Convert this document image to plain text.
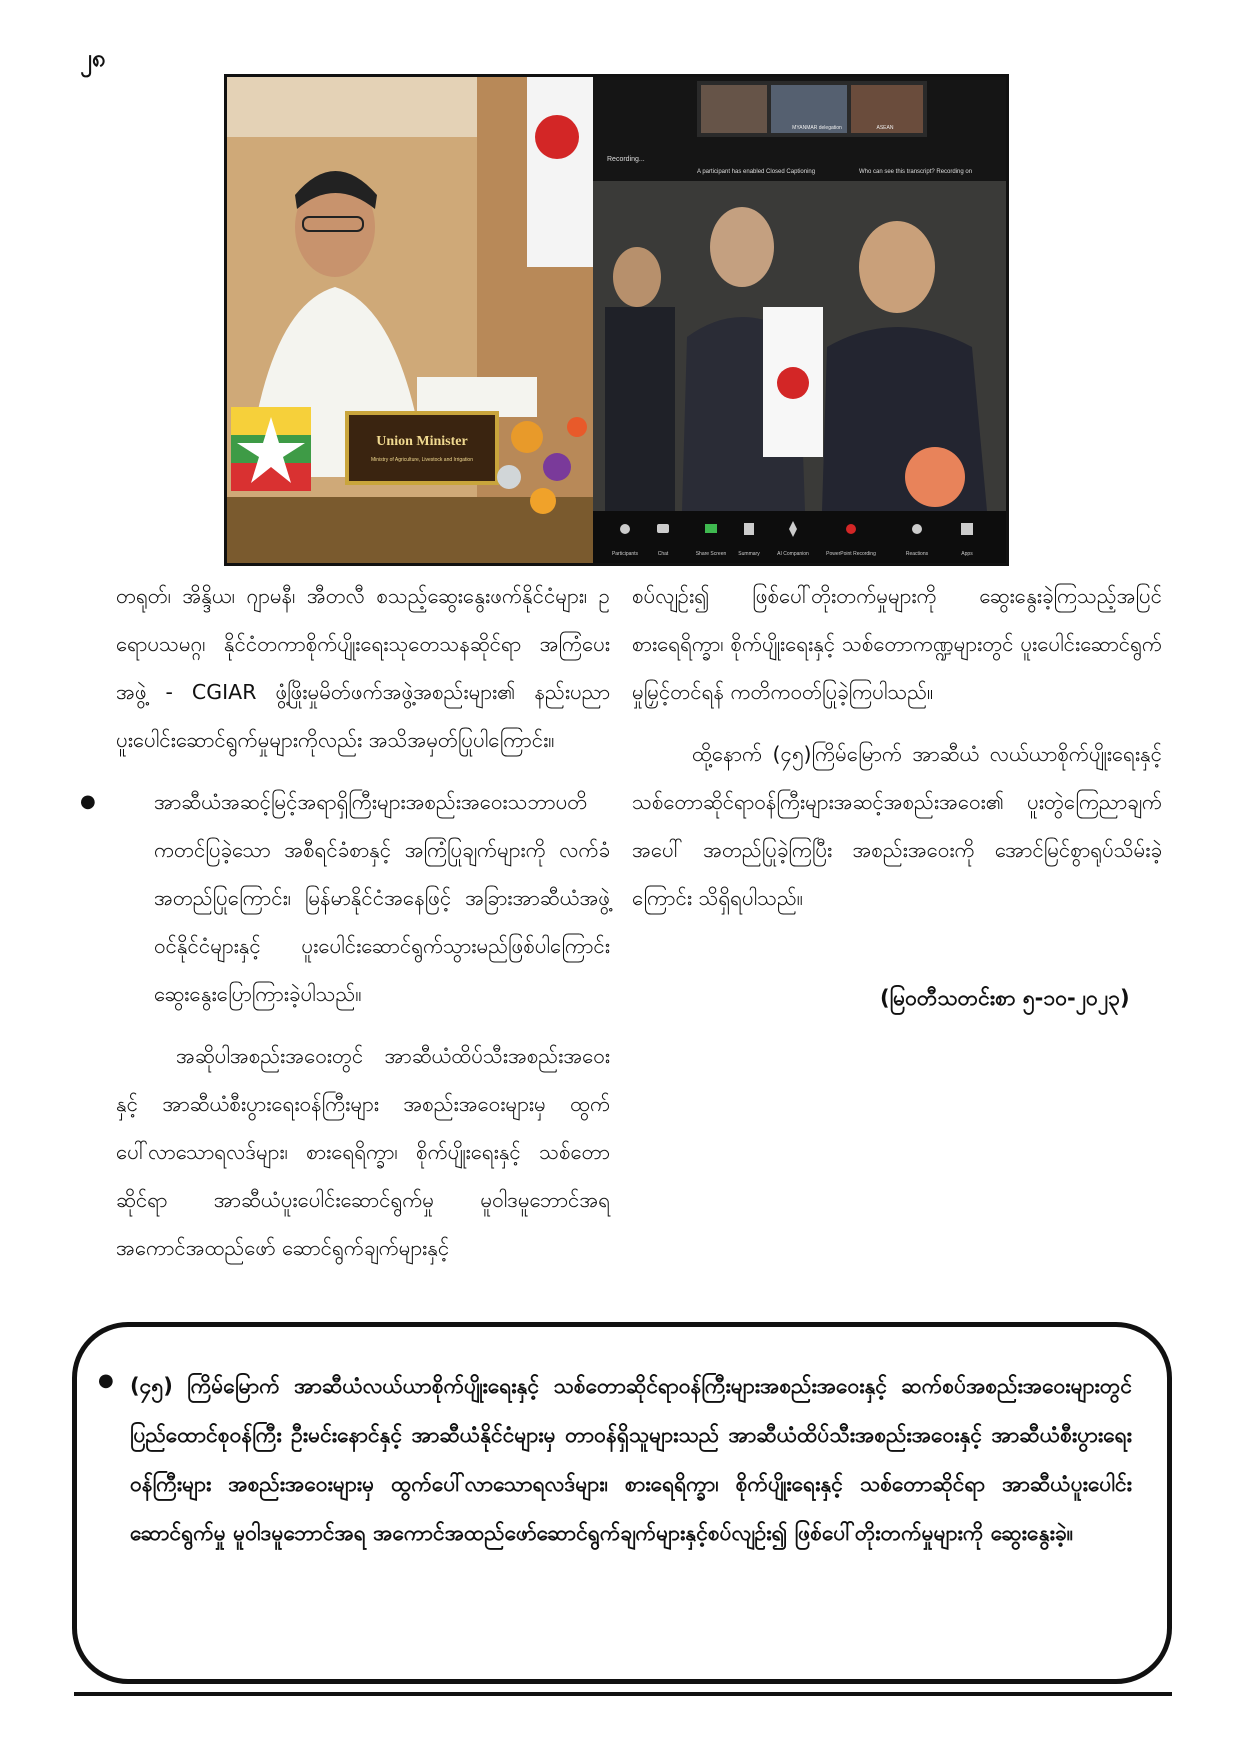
၂၈
Union Minister
Ministry of Agriculture, Livestock and Irrigation
MYANMAR delegation	ASEAN
Recording...
A participant has enabled Closed Captioning	Who can see this transcript? Recording on
Participants	Chat	Share Screen Summary	AI Companion	PowerPoint Recording	Reactions	Apps

တရုတ်၊ အိန္ဒိယ၊ ဂျာမနီ၊ အီတလီ စသည့်ဆွေးနွေးဖက်နိုင်ငံများ၊ ဥရောပသမဂ္ဂ၊ နိုင်ငံတကာစိုက်ပျိုးရေးသုတေသနဆိုင်ရာ အကြံပေးအဖွဲ့ - CGIAR ဖွံ့ဖြိုးမှုမိတ်ဖက်အဖွဲ့အစည်းများ၏ နည်းပညာပူးပေါင်းဆောင်ရွက်မှုများကိုလည်း အသိအမှတ်ပြုပါကြောင်း။

● အာဆီယံအဆင့်မြင့်အရာရှိကြီးများအစည်းအဝေးသဘာပတိကတင်ပြခဲ့သော အစီရင်ခံစာနှင့် အကြံပြုချက်များကို လက်ခံအတည်ပြုကြောင်း၊ မြန်မာနိုင်ငံအနေဖြင့် အခြားအာဆီယံအဖွဲ့ဝင်နိုင်ငံများနှင့် ပူးပေါင်းဆောင်ရွက်သွားမည်ဖြစ်ပါကြောင်း ဆွေးနွေးပြောကြားခဲ့ပါသည်။

အဆိုပါအစည်းအဝေးတွင် အာဆီယံထိပ်သီးအစည်းအဝေးနှင့် အာဆီယံစီးပွားရေးဝန်ကြီးများ အစည်းအဝေးများမှ ထွက်ပေါ်လာသောရလဒ်များ၊ စားရေရိက္ခာ၊ စိုက်ပျိုးရေးနှင့် သစ်တောဆိုင်ရာ အာဆီယံပူးပေါင်းဆောင်ရွက်မှု မူဝါဒမူဘောင်အရ အကောင်အထည်ဖော် ဆောင်ရွက်ချက်များနှင့်

စပ်လျဉ်း၍ ဖြစ်ပေါ်တိုးတက်မှုများကို ဆွေးနွေးခဲ့ကြသည့်အပြင် စားရေရိက္ခာ၊ စိုက်ပျိုးရေးနှင့် သစ်တောကဏ္ဍများတွင် ပူးပေါင်းဆောင်ရွက်မှုမြှင့်တင်ရန် ကတိကဝတ်ပြုခဲ့ကြပါသည်။

ထို့နောက် (၄၅)ကြိမ်မြောက် အာဆီယံ လယ်ယာစိုက်ပျိုးရေးနှင့် သစ်တောဆိုင်ရာဝန်ကြီးများအဆင့်အစည်းအဝေး၏ ပူးတွဲကြေညာချက်အပေါ် အတည်ပြုခဲ့ကြပြီး အစည်းအဝေးကို အောင်မြင်စွာရုပ်သိမ်းခဲ့ကြောင်း သိရှိရပါသည်။

(မြဝတီသတင်းစာ ၅-၁၀-၂၀၂၃)
● (၄၅) ကြိမ်မြောက် အာဆီယံလယ်ယာစိုက်ပျိုးရေးနှင့် သစ်တောဆိုင်ရာဝန်ကြီးများအစည်းအဝေးနှင့် ဆက်စပ်အစည်းအဝေးများတွင် ပြည်ထောင်စုဝန်ကြီး ဦးမင်းနောင်နှင့် အာဆီယံနိုင်ငံများမှ တာဝန်ရှိသူများသည် အာဆီယံထိပ်သီးအစည်းအဝေးနှင့် အာဆီယံစီးပွားရေးဝန်ကြီးများ အစည်းအဝေးများမှ ထွက်ပေါ်လာသောရလဒ်များ၊ စားရေရိက္ခာ၊ စိုက်ပျိုးရေးနှင့် သစ်တောဆိုင်ရာ အာဆီယံပူးပေါင်းဆောင်ရွက်မှု မူဝါဒမူဘောင်အရ အကောင်အထည်ဖော်ဆောင်ရွက်ချက်များနှင့်စပ်လျဉ်း၍ ဖြစ်ပေါ်တိုးတက်မှုများကို ဆွေးနွေးခဲ့။
